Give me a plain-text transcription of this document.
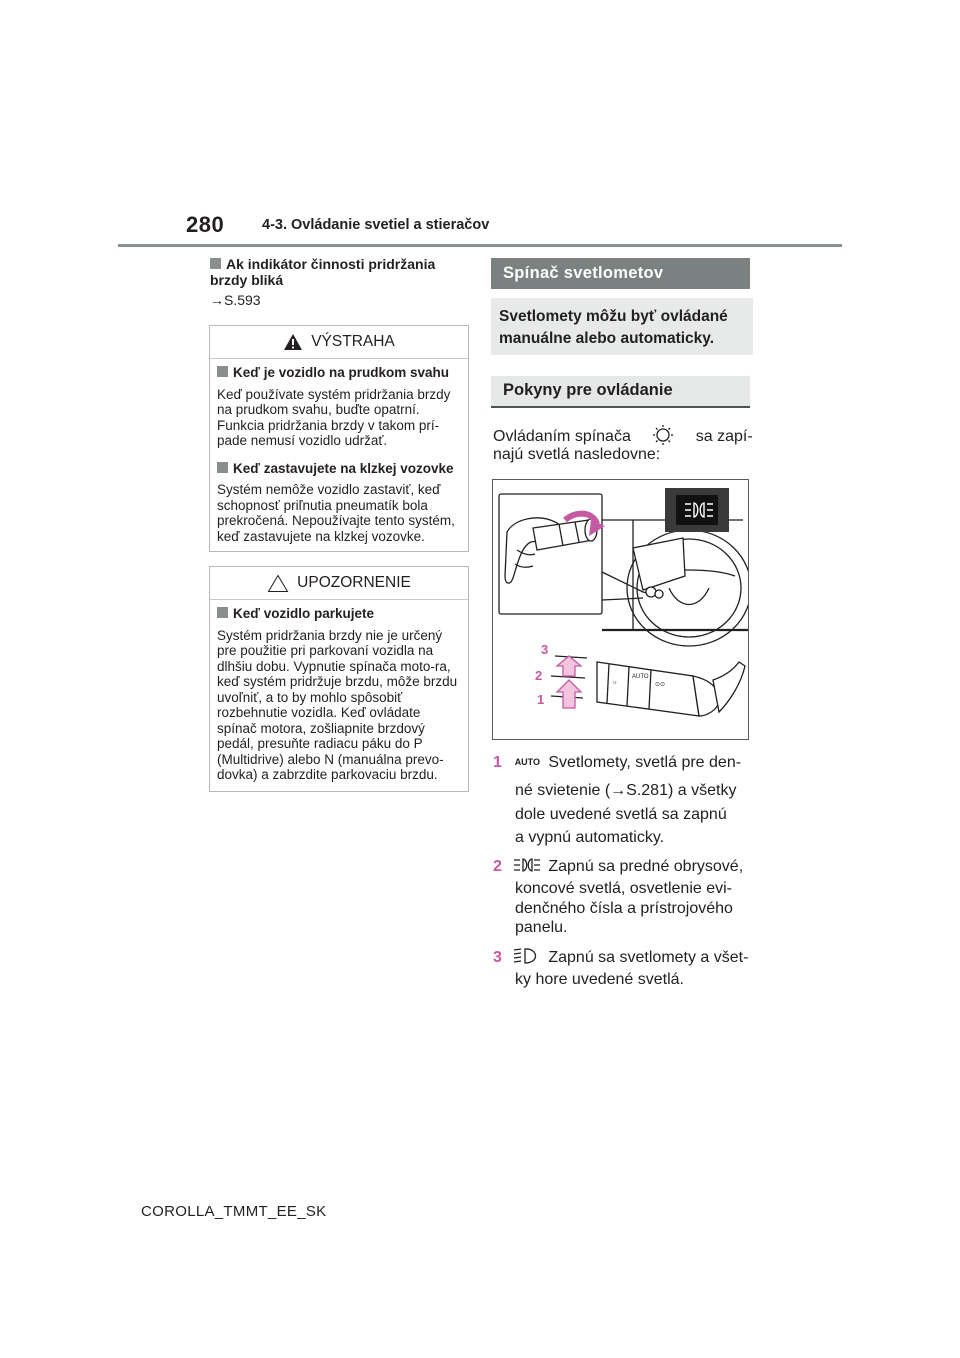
280	4-3. Ovládanie svetiel a stieračov
Ak indikátor činnosti pridržania brzdy bliká
→S.593
VÝSTRAHA
Keď je vozidlo na prudkom svahu
Keď používate systém pridržania brzdy na prudkom svahu, buďte opatrní. Funkcia pridržania brzdy v takom prí-pade nemusí vozidlo udržať.
Keď zastavujete na klzkej vozovke
Systém nemôže vozidlo zastaviť, keď schopnosť priľnutia pneumatík bola prekročená. Nepoužívajte tento systém, keď zastavujete na klzkej vozovke.
UPOZORNENIE
Keď vozidlo parkujete
Systém pridržania brzdy nie je určený pre použitie pri parkovaní vozidla na dlhšiu dobu. Vypnutie spínača moto-ra, keď systém pridržuje brzdu, môže brzdu uvoľniť, a to by mohlo spôsobiť rozbehnutie vozidla. Keď ovládate spínač motora, zošliapnite brzdový pedál, presuňte radiacu páku do P (Multidrive) alebo N (manuálna prevo-dovka) a zabrzdite parkovaciu brzdu.
Spínač svetlometov
Svetlomety môžu byť ovládané manuálne alebo automaticky.
Pokyny pre ovládanie
Ovládaním spínača	sa zapí-
najú svetlá nasledovne:
☼
AUTO
⊙⊙
3
2
1
1 AUTO Svetlomety, svetlá pre den-
né svietenie (→S.281) a všetky
dole uvedené svetlá sa zapnú
a vypnú automaticky.
2	Zapnú sa predné obrysové,
koncové svetlá, osvetlenie evi-
denčného čísla a prístrojového
panelu.
3	Zapnú sa svetlomety a všet-
ky hore uvedené svetlá.
COROLLA_TMMT_EE_SK
